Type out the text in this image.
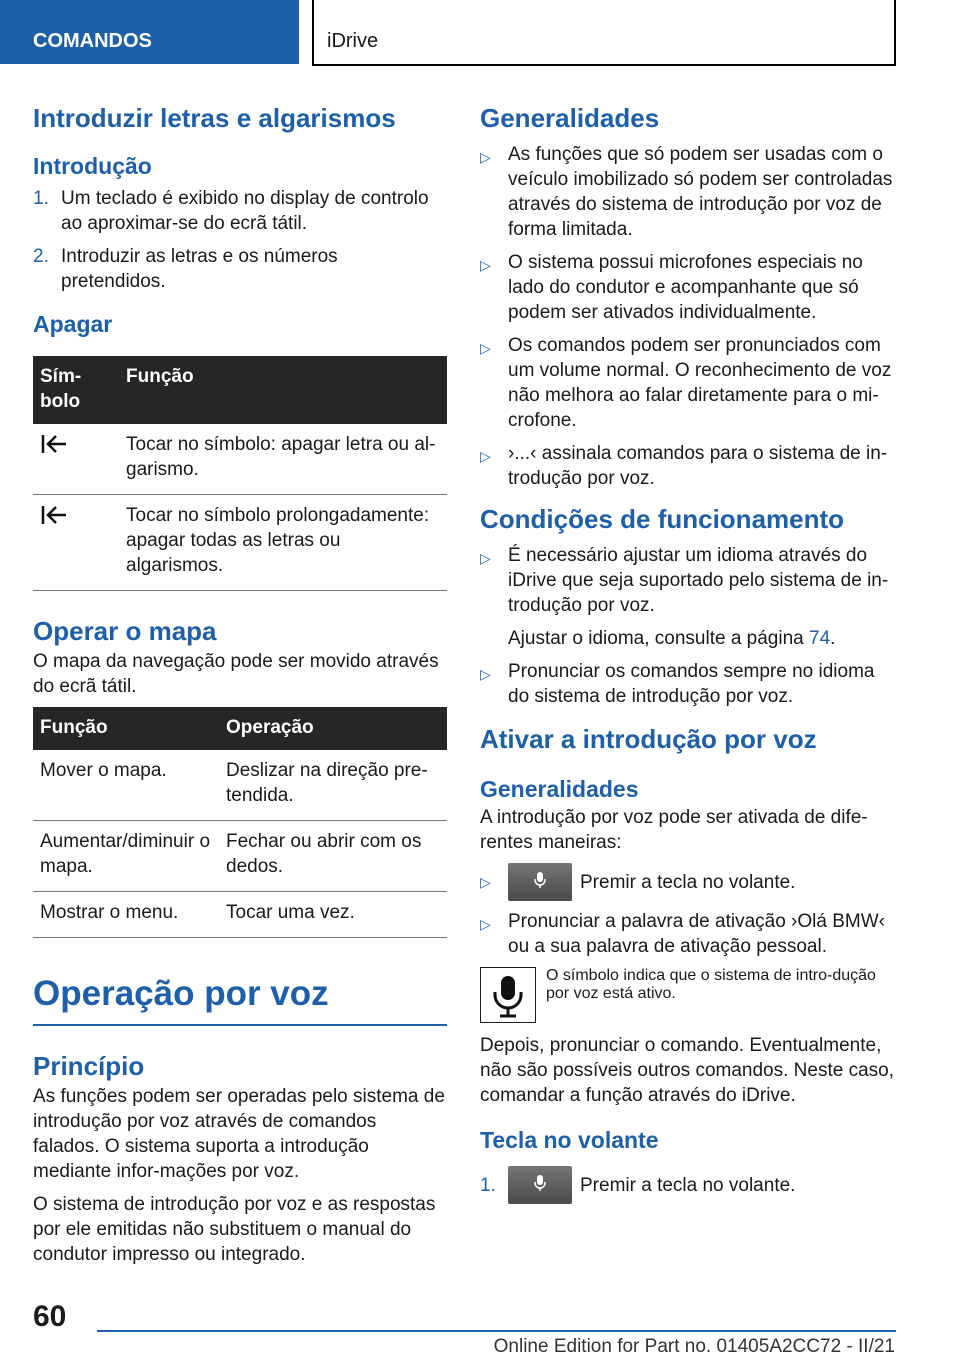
COMANDOS	iDrive
Introduzir letras e algarismos
Introdução
1. Um teclado é exibido no display de controlo ao aproximar-se do ecrã tátil.
2. Introduzir as letras e os números pretendidos.
Apagar
Sím-bolo	Função
	Tocar no símbolo: apagar letra ou al-garismo.
	Tocar no símbolo prolongadamente: apagar todas as letras ou algarismos.
Operar o mapa

O mapa da navegação pode ser movido através do ecrã tátil.

Função	Operação
Mover o mapa.	Deslizar na direção pre-tendida.
Aumentar/diminuir o mapa.	Fechar ou abrir com os dedos.
Mostrar o menu.	Tocar uma vez.
Operação por voz
Princípio

As funções podem ser operadas pelo sistema de introdução por voz através de comandos falados. O sistema suporta a introdução mediante infor-mações por voz.

O sistema de introdução por voz e as respostas por ele emitidas não substituem o manual do condutor impresso ou integrado.

Generalidades
▷ As funções que só podem ser usadas com o veículo imobilizado só podem ser controladas através do sistema de introdução por voz de forma limitada.
▷ O sistema possui microfones especiais no lado do condutor e acompanhante que só podem ser ativados individualmente.
▷ Os comandos podem ser pronunciados com um volume normal. O reconhecimento de voz não melhora ao falar diretamente para o mi-crofone.
▷ ›...‹ assinala comandos para o sistema de in-trodução por voz.
Condições de funcionamento
▷ É necessário ajustar um idioma através do iDrive que seja suportado pelo sistema de in-trodução por voz.
Ajustar o idioma, consulte a página 74.
▷ Pronunciar os comandos sempre no idioma do sistema de introdução por voz.
Ativar a introdução por voz
Generalidades

A introdução por voz pode ser ativada de dife-rentes maneiras:

▷	Premir a tecla no volante.
▷ Pronunciar a palavra de ativação ›Olá BMW‹ ou a sua palavra de ativação pessoal.
O símbolo indica que o sistema de intro-dução por voz está ativo.

Depois, pronunciar o comando. Eventualmente, não são possíveis outros comandos. Neste caso, comandar a função através do iDrive.

Tecla no volante
1.	Premir a tecla no volante.
60
Online Edition for Part no. 01405A2CC72 - II/21
